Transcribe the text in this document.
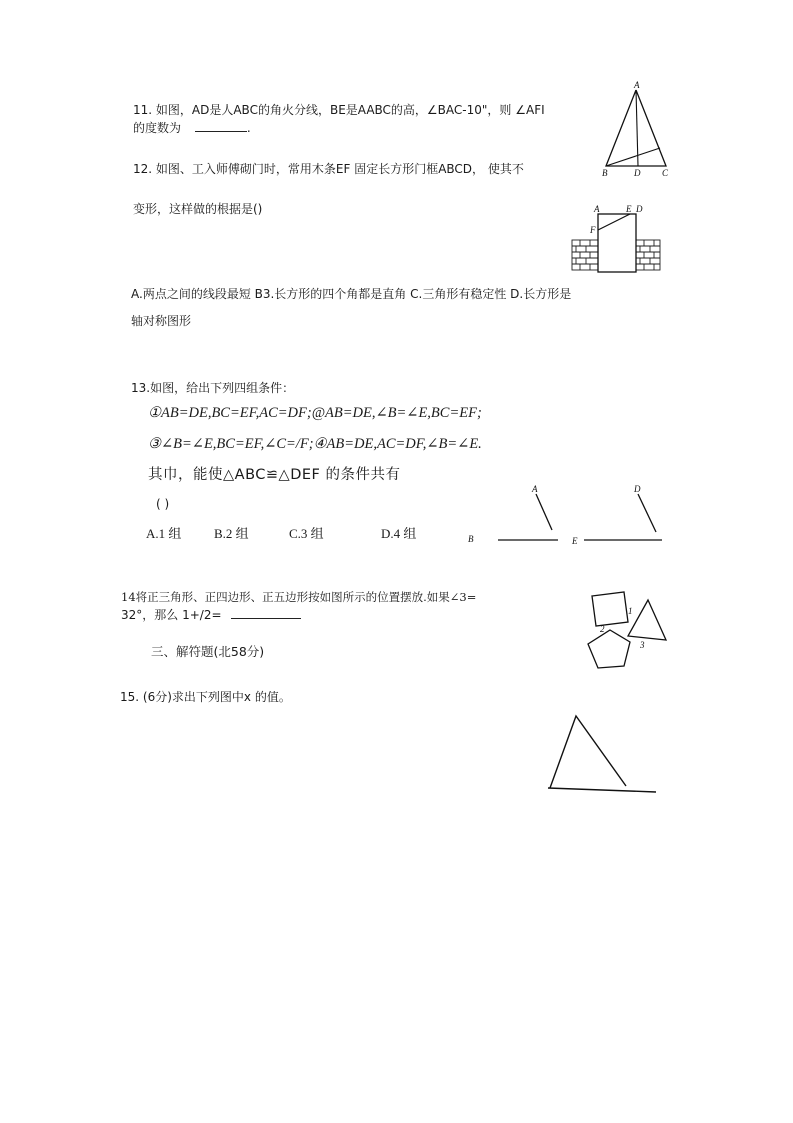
11. 如图，AD是人ABC的角火分线，BE是AABC的高，∠BAC-10"，则 ∠AFI
的度数为	.
A
B	D C
12. 如图、工入师傅砌门时，常用木条EF 固定长方形门框ABCD， 使其不
变形，这样做的根据是()	A	E D
F
A.两点之间的线段最短 B3.长方形的四个角都是直角 C.三角形有稳定性 D.长方形是
轴对称图形
13.如图，给出下列四组条件：
①AB=DE,BC=EF,AC=DF;@AB=DE,∠B=∠E,BC=EF;
③∠B=∠E,BC=EF,∠C=/F;④AB=DE,AC=DF,∠B=∠E.
其巾，能使△ABC≌△DEF 的条件共有
( )
A.1 组	B.2 组	C.3 组	D.4 组
A
B
D
E
14将正三角形、正四边形、正五边形按如图所示的位置摆放.如果∠3=
32°，那么 1+/2=	1
2
3
三、解符题(北58分)
15. (6分)求出下列图中x 的值。
